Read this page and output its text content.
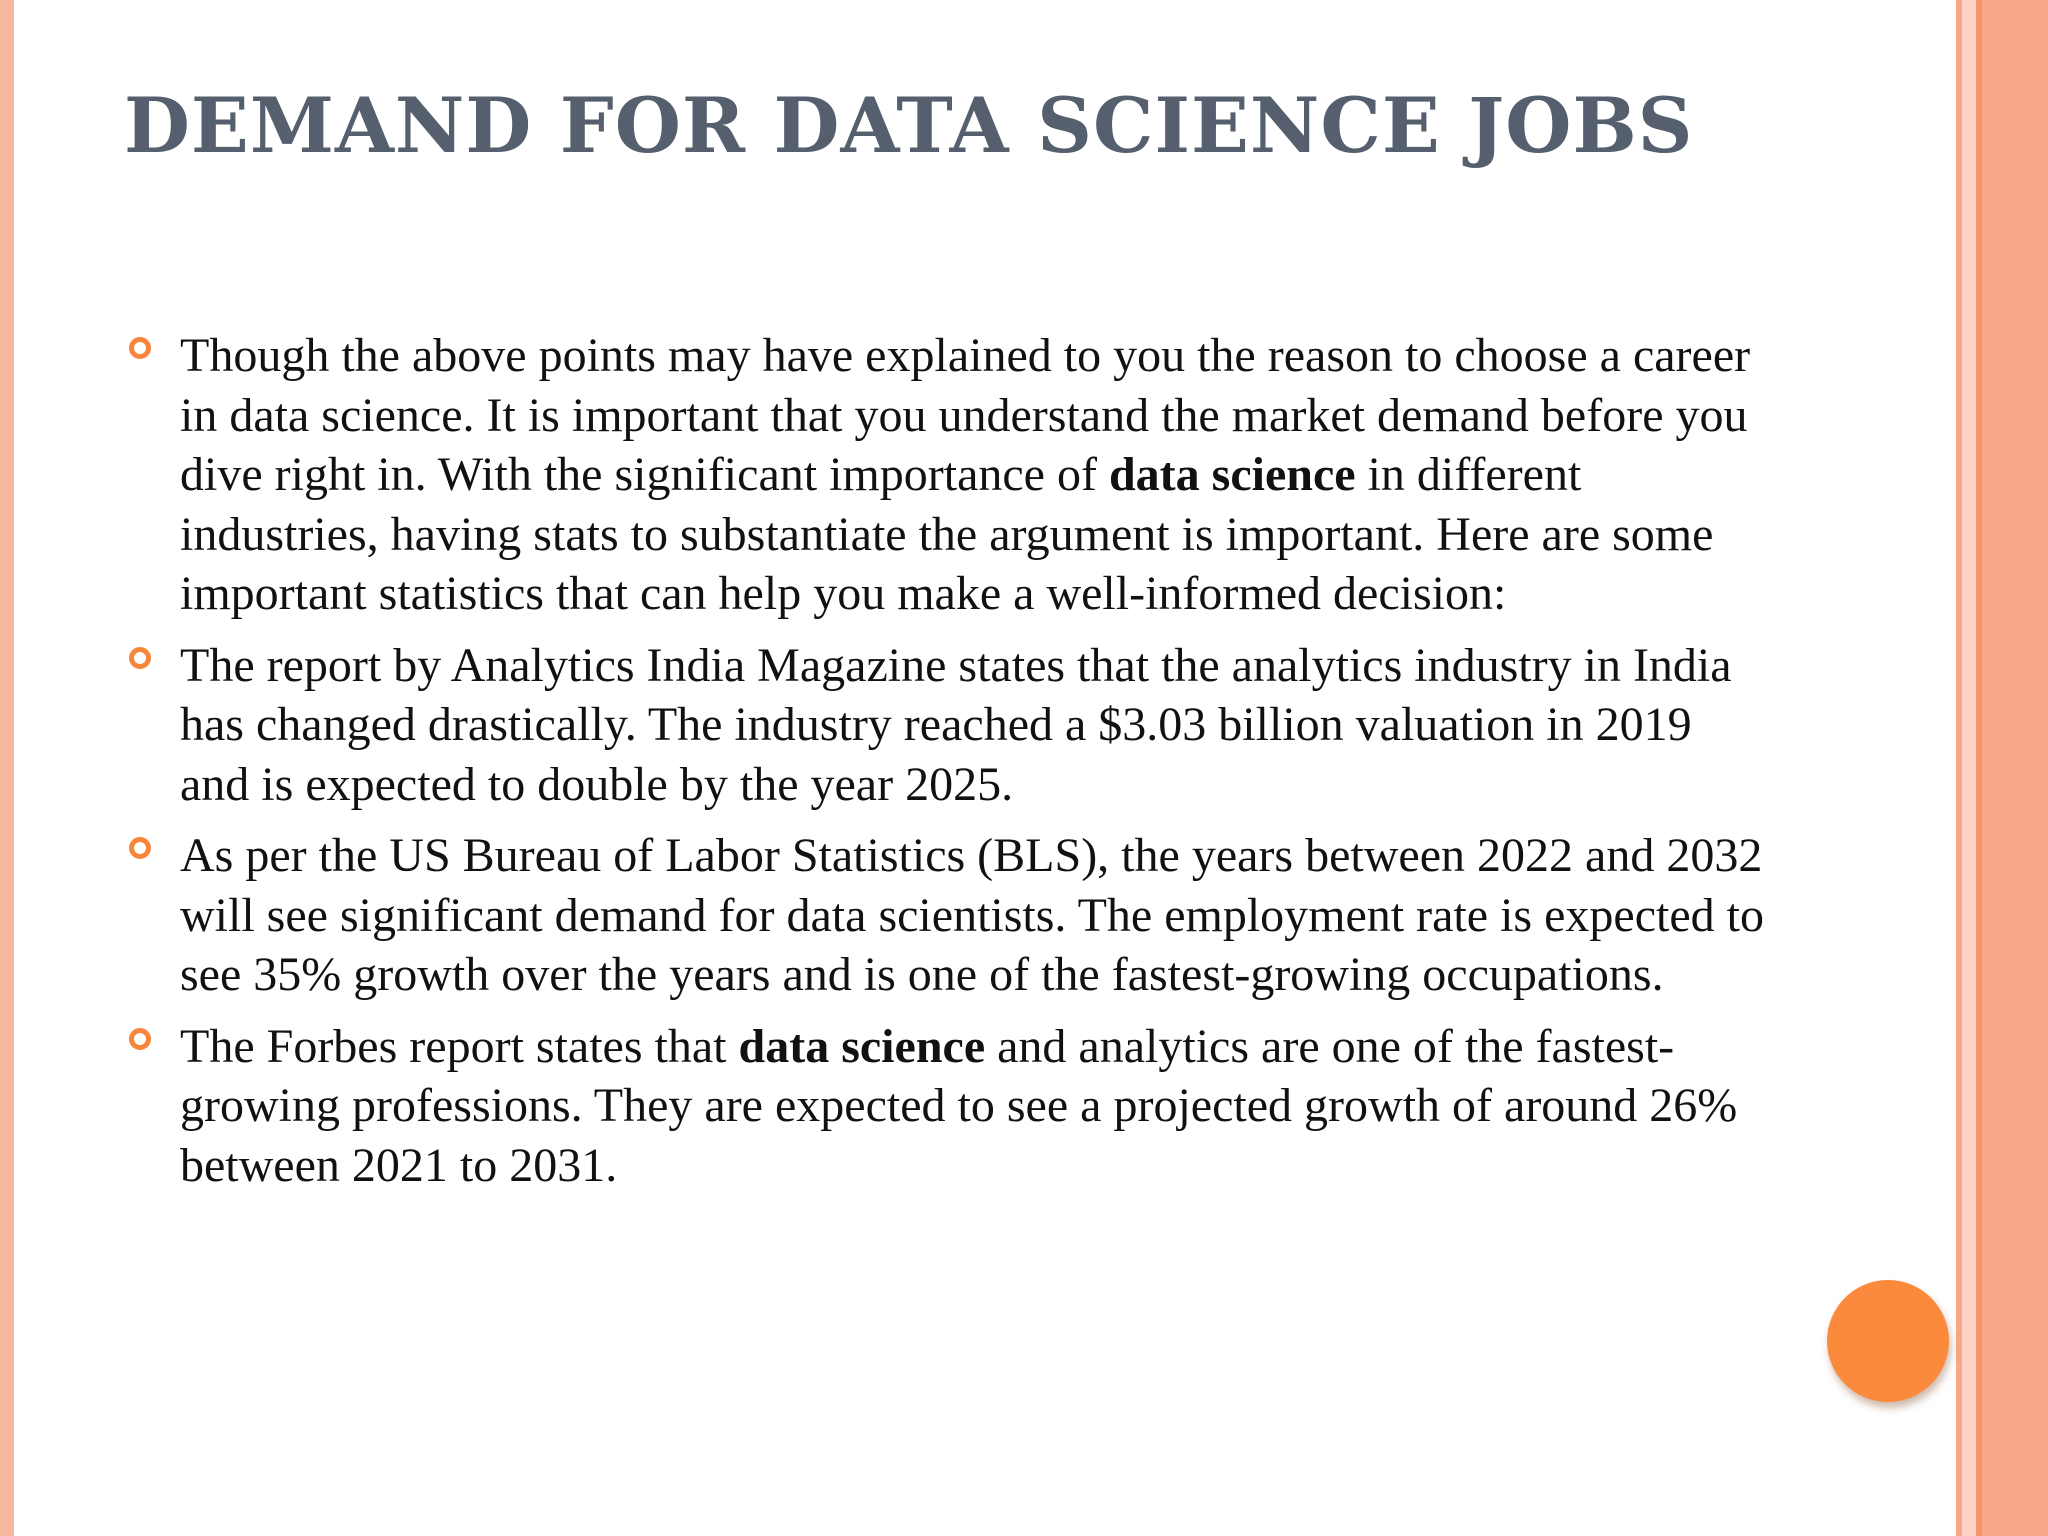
DEMAND FOR DATA SCIENCE JOBS
Though the above points may have explained to you the reason to choose a career in data science. It is important that you understand the market demand before you dive right in. With the significant importance of data science in different industries, having stats to substantiate the argument is important. Here are some important statistics that can help you make a well-informed decision:
The report by Analytics India Magazine states that the analytics industry in India has changed drastically. The industry reached a $3.03 billion valuation in 2019 and is expected to double by the year 2025.
As per the US Bureau of Labor Statistics (BLS), the years between 2022 and 2032 will see significant demand for data scientists. The employment rate is expected to see 35% growth over the years and is one of the fastest-growing occupations.
The Forbes report states that data science and analytics are one of the fastest-growing professions. They are expected to see a projected growth of around 26% between 2021 to 2031.
